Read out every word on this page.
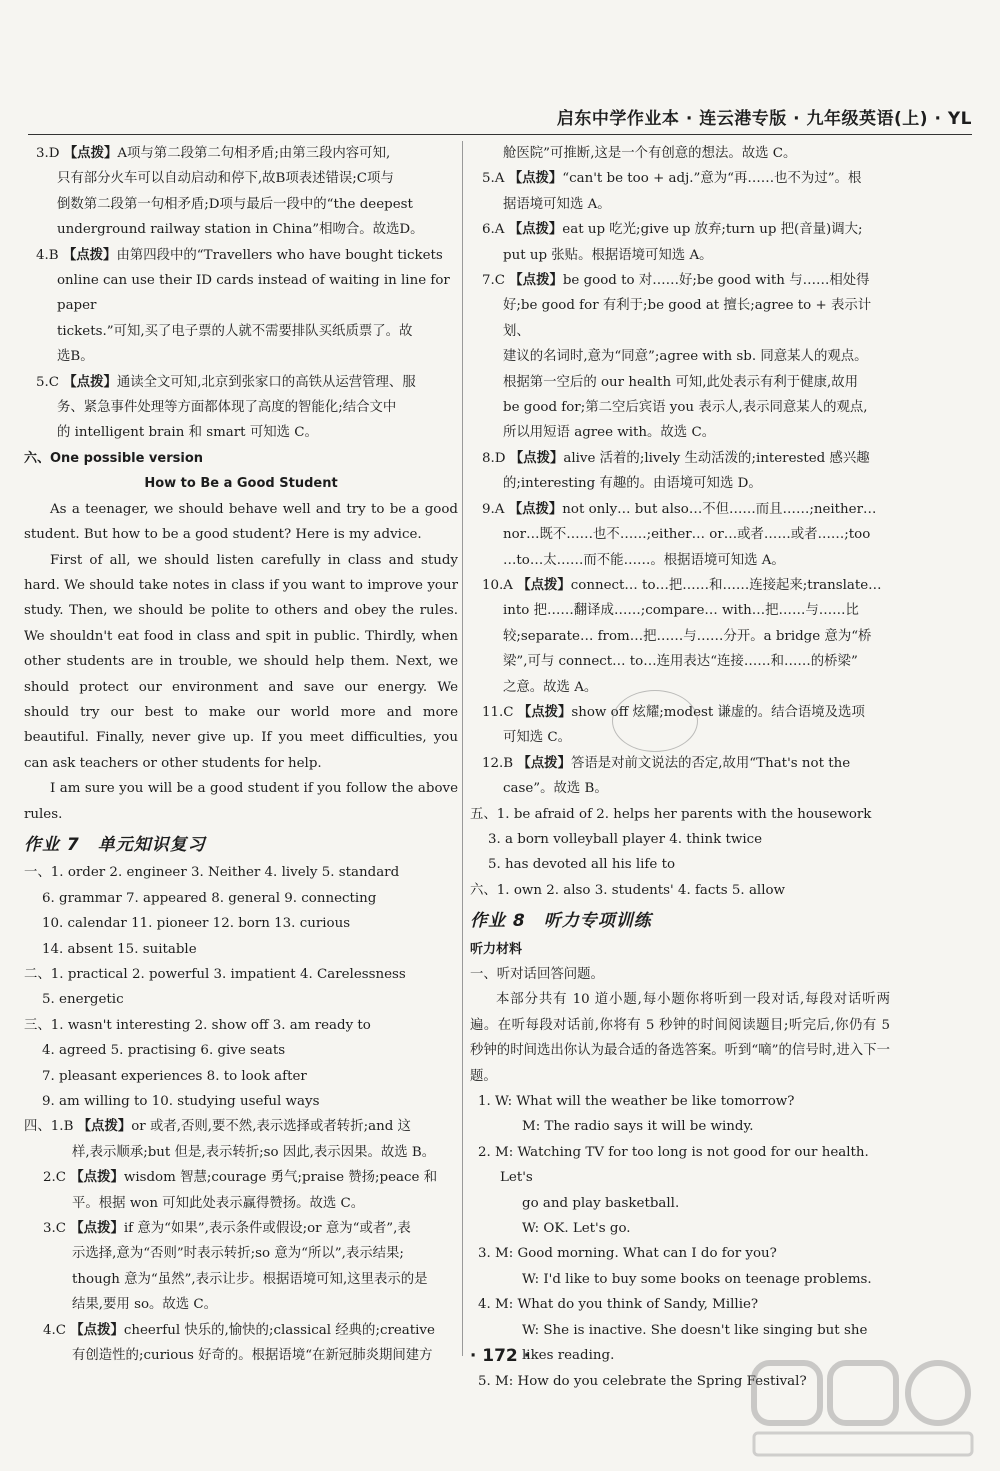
启东中学作业本 · 连云港专版 · 九年级英语(上) · YL

3.D 【点拨】A项与第二段第二句相矛盾;由第三段内容可知,

只有部分火车可以自动启动和停下,故B项表述错误;C项与

倒数第二段第一句相矛盾;D项与最后一段中的“the deepest

underground railway station in China”相吻合。故选D。

4.B 【点拨】由第四段中的“Travellers who have bought tickets

online can use their ID cards instead of waiting in line for paper

tickets.”可知,买了电子票的人就不需要排队买纸质票了。故

选B。

5.C 【点拨】通读全文可知,北京到张家口的高铁从运营管理、服

务、紧急事件处理等方面都体现了高度的智能化;结合文中

的 intelligent brain 和 smart 可知选 C。

六、One possible version

How to Be a Good Student

As a teenager, we should behave well and try to be a good student. But how to be a good student? Here is my advice.

First of all, we should listen carefully in class and study hard. We should take notes in class if you want to improve your study. Then, we should be polite to others and obey the rules. We shouldn't eat food in class and spit in public. Thirdly, when other students are in trouble, we should help them. Next, we should protect our environment and save our energy. We should try our best to make our world more and more beautiful. Finally, never give up. If you meet difficulties, you can ask teachers or other students for help.

I am sure you will be a good student if you follow the above rules.

作业 7 单元知识复习

一、1. order 2. engineer 3. Neither 4. lively 5. standard

6. grammar 7. appeared 8. general 9. connecting

10. calendar 11. pioneer 12. born 13. curious

14. absent 15. suitable

二、1. practical 2. powerful 3. impatient 4. Carelessness

5. energetic

三、1. wasn't interesting 2. show off 3. am ready to

4. agreed 5. practising 6. give seats

7. pleasant experiences 8. to look after

9. am willing to 10. studying useful ways

四、1.B 【点拨】or 或者,否则,要不然,表示选择或者转折;and 这

样,表示顺承;but 但是,表示转折;so 因此,表示因果。故选 B。

2.C 【点拨】wisdom 智慧;courage 勇气;praise 赞扬;peace 和

平。根据 won 可知此处表示赢得赞扬。故选 C。

3.C 【点拨】if 意为“如果”,表示条件或假设;or 意为“或者”,表

示选择,意为“否则”时表示转折;so 意为“所以”,表示结果;

though 意为“虽然”,表示让步。根据语境可知,这里表示的是

结果,要用 so。故选 C。

4.C 【点拨】cheerful 快乐的,愉快的;classical 经典的;creative

有创造性的;curious 好奇的。根据语境“在新冠肺炎期间建方

舱医院”可推断,这是一个有创意的想法。故选 C。

5.A 【点拨】“can't be too + adj.”意为“再……也不为过”。根

据语境可知选 A。

6.A 【点拨】eat up 吃光;give up 放弃;turn up 把(音量)调大;

put up 张贴。根据语境可知选 A。

7.C 【点拨】be good to 对……好;be good with 与……相处得

好;be good for 有利于;be good at 擅长;agree to + 表示计划、

建议的名词时,意为“同意”;agree with sb. 同意某人的观点。

根据第一空后的 our health 可知,此处表示有利于健康,故用

be good for;第二空后宾语 you 表示人,表示同意某人的观点,

所以用短语 agree with。故选 C。

8.D 【点拨】alive 活着的;lively 生动活泼的;interested 感兴趣

的;interesting 有趣的。由语境可知选 D。

9.A 【点拨】not only… but also…不但……而且……;neither…

nor…既不……也不……;either… or…或者……或者……;too

…to…太……而不能……。根据语境可知选 A。

10.A 【点拨】connect… to…把……和……连接起来;translate…

into 把……翻译成……;compare… with…把……与……比

较;separate… from…把……与……分开。a bridge 意为“桥

梁”,可与 connect… to…连用表达“连接……和……的桥梁”

之意。故选 A。

11.C 【点拨】show off 炫耀;modest 谦虚的。结合语境及选项

可知选 C。

12.B 【点拨】答语是对前文说法的否定,故用“That's not the

case”。故选 B。

五、1. be afraid of 2. helps her parents with the housework

3. a born volleyball player 4. think twice

5. has devoted all his life to

六、1. own 2. also 3. students' 4. facts 5. allow

作业 8 听力专项训练

听力材料

一、听对话回答问题。

本部分共有 10 道小题,每小题你将听到一段对话,每段对话听两遍。在听每段对话前,你将有 5 秒钟的时间阅读题目;听完后,你仍有 5 秒钟的时间选出你认为最合适的备选答案。听到“嘀”的信号时,进入下一题。

1. W: What will the weather be like tomorrow?

M: The radio says it will be windy.

2. M: Watching TV for too long is not good for our health. Let's

go and play basketball.

W: OK. Let's go.

3. M: Good morning. What can I do for you?

W: I'd like to buy some books on teenage problems.

4. M: What do you think of Sandy, Millie?

W: She is inactive. She doesn't like singing but she likes reading.

5. M: How do you celebrate the Spring Festival?

· 172 ·
